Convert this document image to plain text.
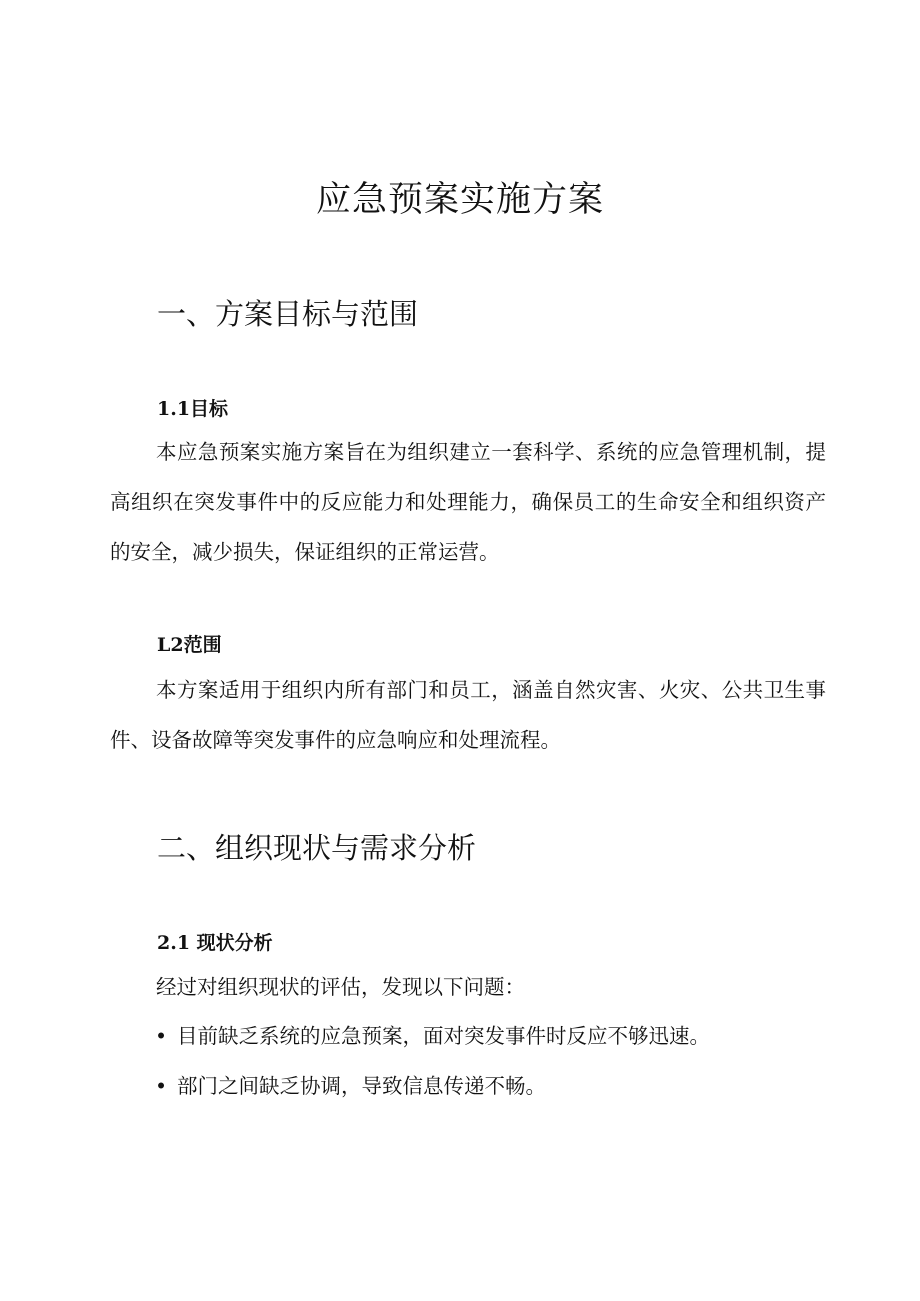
应急预案实施方案
一、方案目标与范围
1.1目标

本应急预案实施方案旨在为组织建立一套科学、系统的应急管理机制，提高组织在突发事件中的反应能力和处理能力，确保员工的生命安全和组织资产的安全，减少损失，保证组织的正常运营。

L2范围

本方案适用于组织内所有部门和员工，涵盖自然灾害、火灾、公共卫生事件、设备故障等突发事件的应急响应和处理流程。

二、组织现状与需求分析
2.1 现状分析

经过对组织现状的评估，发现以下问题：

• 目前缺乏系统的应急预案，面对突发事件时反应不够迅速。
• 部门之间缺乏协调，导致信息传递不畅。
